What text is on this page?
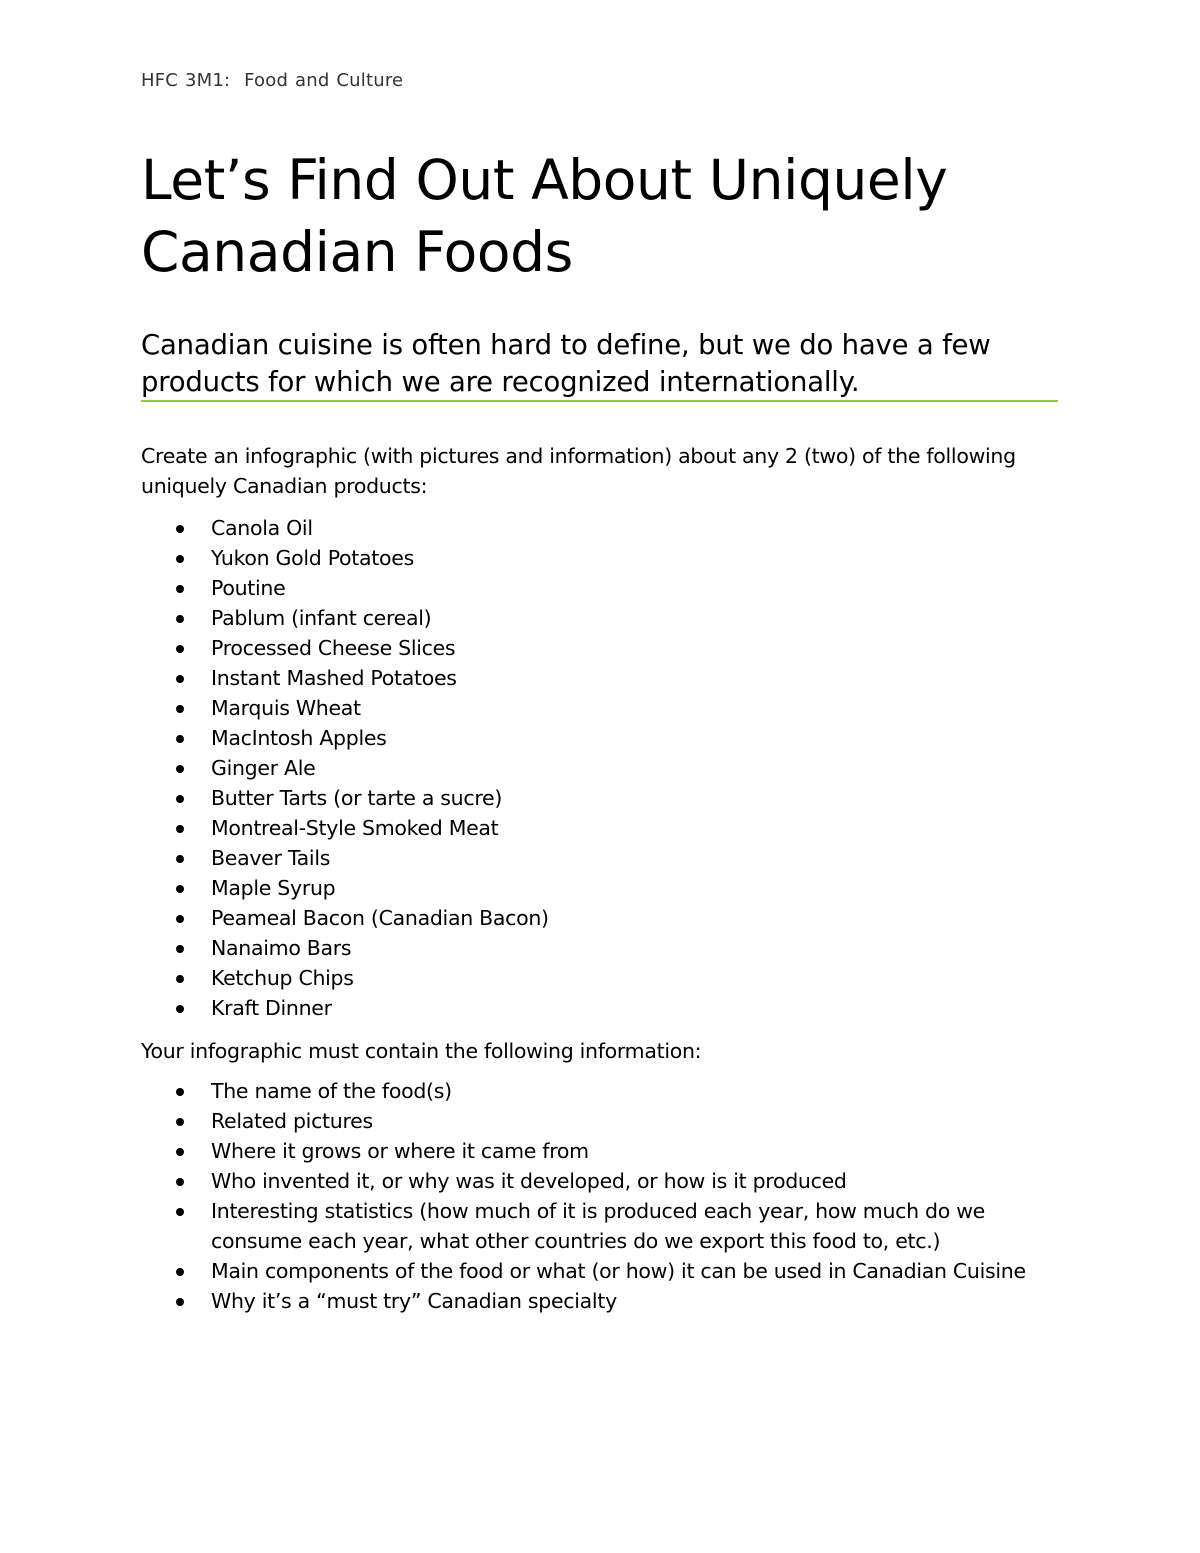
HFC 3M1:  Food and Culture
Let’s Find Out About Uniquely Canadian Foods
Canadian cuisine is often hard to define, but we do have a few products for which we are recognized internationally.

Create an infographic (with pictures and information) about any 2 (two) of the following uniquely Canadian products:

Canola Oil
Yukon Gold Potatoes
Poutine
Pablum (infant cereal)
Processed Cheese Slices
Instant Mashed Potatoes
Marquis Wheat
MacIntosh Apples
Ginger Ale
Butter Tarts (or tarte a sucre)
Montreal-Style Smoked Meat
Beaver Tails
Maple Syrup
Peameal Bacon (Canadian Bacon)
Nanaimo Bars
Ketchup Chips
Kraft Dinner

Your infographic must contain the following information:

The name of the food(s)
Related pictures
Where it grows or where it came from
Who invented it, or why was it developed, or how is it produced
Interesting statistics (how much of it is produced each year, how much do we consume each year, what other countries do we export this food to, etc.)
Main components of the food or what (or how) it can be used in Canadian Cuisine
Why it’s a “must try” Canadian specialty
